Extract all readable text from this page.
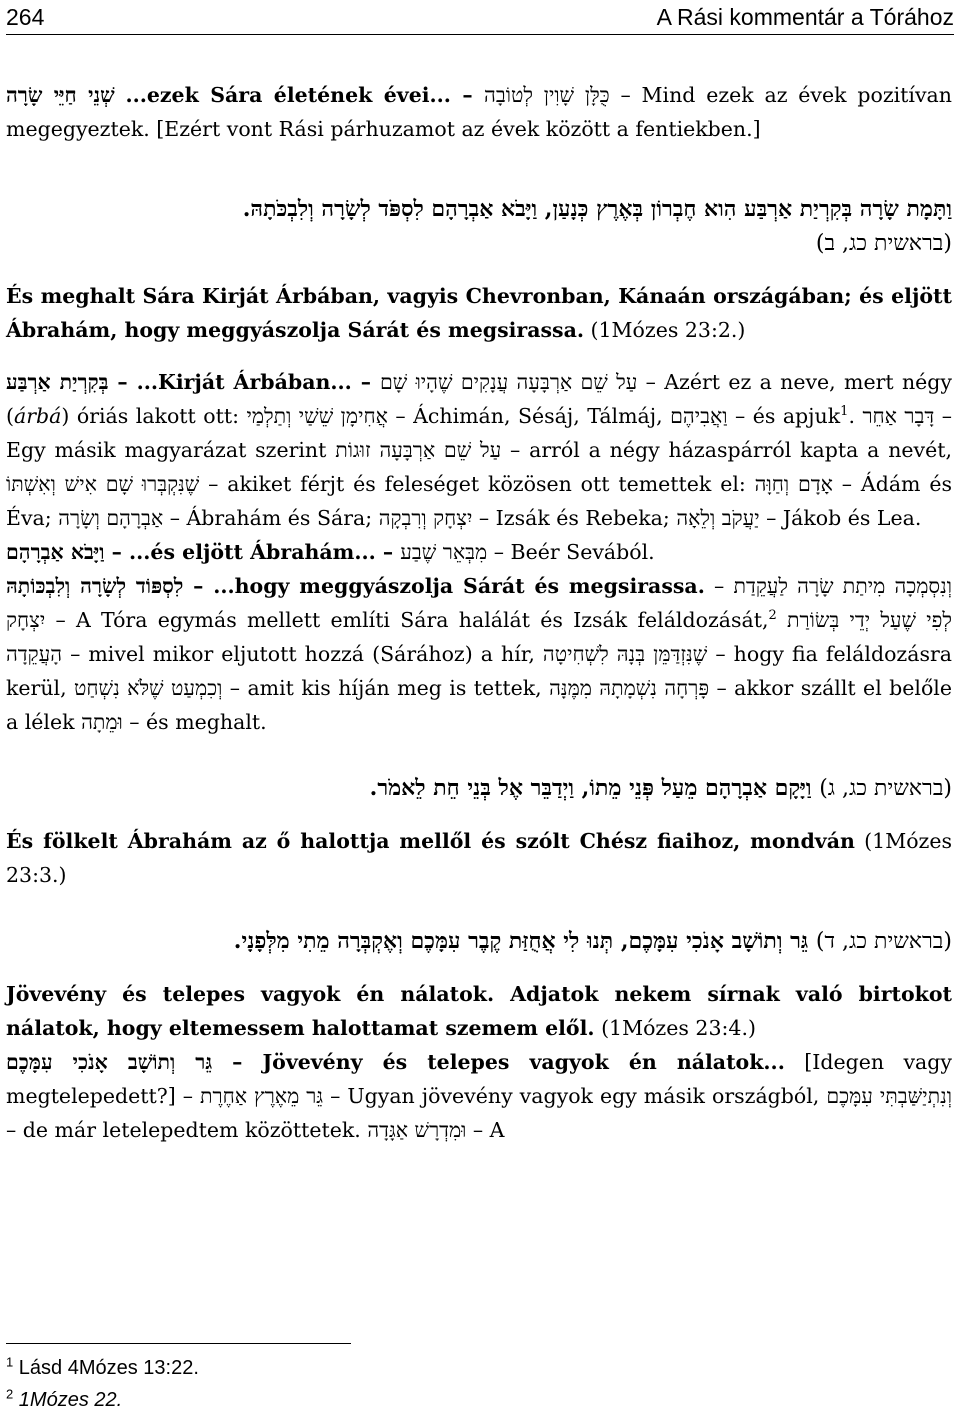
264	A Rási kommentár a Tórához

שְׁנֵי חַיֵּי שָׂרָה ...ezek Sára életének évei... – כֻּלָּן שָׁוִין לְטוֹבָה – Mind ezek az évek pozitívan megegyeztek. [Ezért vont Rási párhuzamot az évek között a fentiekben.]

וַתָּמָת שָׂרָה בְּקִרְיַת אַרְבַּע הִוא חֶבְרוֹן בְּאֶרֶץ כְּנָעַן, וַיָּבֹא אַבְרָהָם לִסְפֹּד לְשָׂרָה וְלִבְכֹּתָהּ.

(בראשית כג, ב)

És meghalt Sára Kirját Árbában, vagyis Chevronban, Kánaán országában; és eljött Ábrahám, hogy meggyászolja Sárát és megsirassa. (1Mózes 23:2.)

בְּקִרְיַת אַרְבַּע – ...Kirját Árbában... – עַל שֵׁם אַרְבָּעָה עֲנָקִים שֶׁהָיוּ שָׁם – Azért ez a neve, mert négy (árbá) óriás lakott ott: אֲחִימָן שֵׁשַׁי וְתַלְמַי – Áchimán, Sésáj, Tálmáj, וַאֲבִיהֶם – és apjuk$^1$. דָּבָר אַחֵר – Egy másik magyarázat szerint עַל שֵׁם אַרְבָּעָה זוּגוֹת – arról a négy házaspárról kapta a nevét, שֶׁנִּקְבְּרוּ שָׁם אִישׁ וְאִשְׁתּוֹ – akiket férjt és feleséget közösen ott temettek el: אָדָם וְחַוָּה – Ádám és Éva; אַבְרָהָם וְשָׂרָה – Ábrahám és Sára; יִצְחָק וְרִבְקָה – Izsák és Rebeka; יַעֲקֹב וְלֵאָה – Jákob és Lea.

וַיָּבֹא אַבְרָהָם – ...és eljött Ábrahám... – מִבְּאֵר שֶׁבַע – Beér Sevából.

לִסְפּוֹד לְשָׂרָה וְלִבְכּוֹתָהּ – ...hogy meggyászolja Sárát és megsirassa. – וְנִסְמְכָה מִיתַת שָׂרָה לַעֲקֵדַת יִצְחָק – A Tóra egymás mellett említi Sára halálát és Izsák feláldozását,$^2$ לְפִי שֶׁעַל יְדֵי בְּשׂוֹרַת הָעֲקֵדָה – mivel mikor eljutott hozzá (Sárához) a hír, שֶׁנִּזְדַּמֵּן בְּנָהּ לִשְׁחִיטָה – hogy fia feláldozásra kerül, וְכִמְעַט שֶׁלֹּא נִשְׁחַט – amit kis híján meg is tettek, פָּרְחָה נִשְׁמָתָהּ מִמֶּנָּה – akkor szállt el belőle a lélek וּמֵתָה – és meghalt.

וַיָּקָם אַבְרָהָם מֵעַל פְּנֵי מֵתוֹ, וַיְדַבֵּר אֶל בְּנֵי חֵת לֵאמֹר. (בראשית כג, ג)

És fölkelt Ábrahám az ő halottja mellől és szólt Chész fiaihoz, mondván (1Mózes 23:3.)

גֵּר וְתוֹשָׁב אָנֹכִי עִמָּכֶם, תְּנוּ לִי אֲחֻזַּת קֶבֶר עִמָּכֶם וְאֶקְבְּרָה מֵתִי מִלְּפָנָי. (בראשית כג, ד)

Jövevény és telepes vagyok én nálatok. Adjatok nekem sírnak való birtokot nálatok, hogy eltemessem halottamat szemem elől. (1Mózes 23:4.)

גֵּר וְתוֹשָׁב אָנֹכִי עִמָּכֶם – Jövevény és telepes vagyok én nálatok... [Idegen vagy megtelepedett?] – גֵּר מֵאֶרֶץ אַחֶרֶת – Ugyan jövevény vagyok egy másik országból, וְנִתְיַשַּׁבְתִּי עִמָּכֶם – de már letelepedtem közöttetek. וּמִדְרָשׁ אַגָּדָה – A

$^1$ Lásd 4Mózes 13:22.

$^2$ 1Mózes 22.
